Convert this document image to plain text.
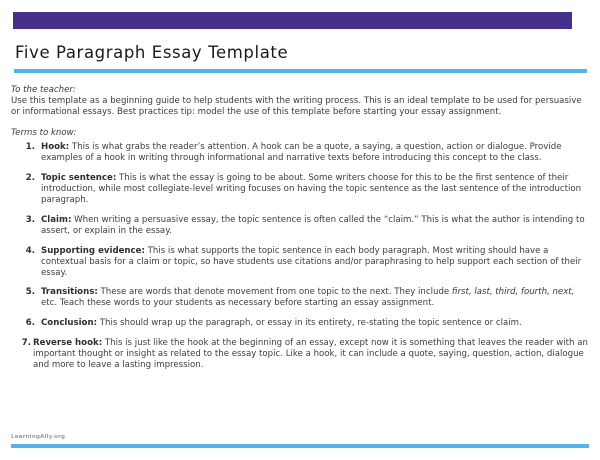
Five Paragraph Essay Template
To the teacher:
Use this template as a beginning guide to help students with the writing process. This is an ideal template to be used for persuasive or informational essays. Best practices tip: model the use of this template before starting your essay assignment.
Terms to know:
1. Hook: This is what grabs the reader’s attention. A hook can be a quote, a saying, a question, action or dialogue. Provide examples of a hook in writing through informational and narrative texts before introducing this concept to the class.
2. Topic sentence: This is what the essay is going to be about. Some writers choose for this to be the first sentence of their introduction, while most collegiate-level writing focuses on having the topic sentence as the last sentence of the introduction paragraph.
3. Claim: When writing a persuasive essay, the topic sentence is often called the “claim.” This is what the author is intending to assert, or explain in the essay.
4. Supporting evidence: This is what supports the topic sentence in each body paragraph. Most writing should have a contextual basis for a claim or topic, so have students use citations and/or paraphrasing to help support each section of their essay.
5. Transitions: These are words that denote movement from one topic to the next. They include first, last, third, fourth, next, etc. Teach these words to your students as necessary before starting an essay assignment.
6. Conclusion: This should wrap up the paragraph, or essay in its entirety, re-stating the topic sentence or claim.
7. Reverse hook: This is just like the hook at the beginning of an essay, except now it is something that leaves the reader with an important thought or insight as related to the essay topic. Like a hook, it can include a quote, saying, question, action, dialogue and more to leave a lasting impression.
LearningAlly.org
